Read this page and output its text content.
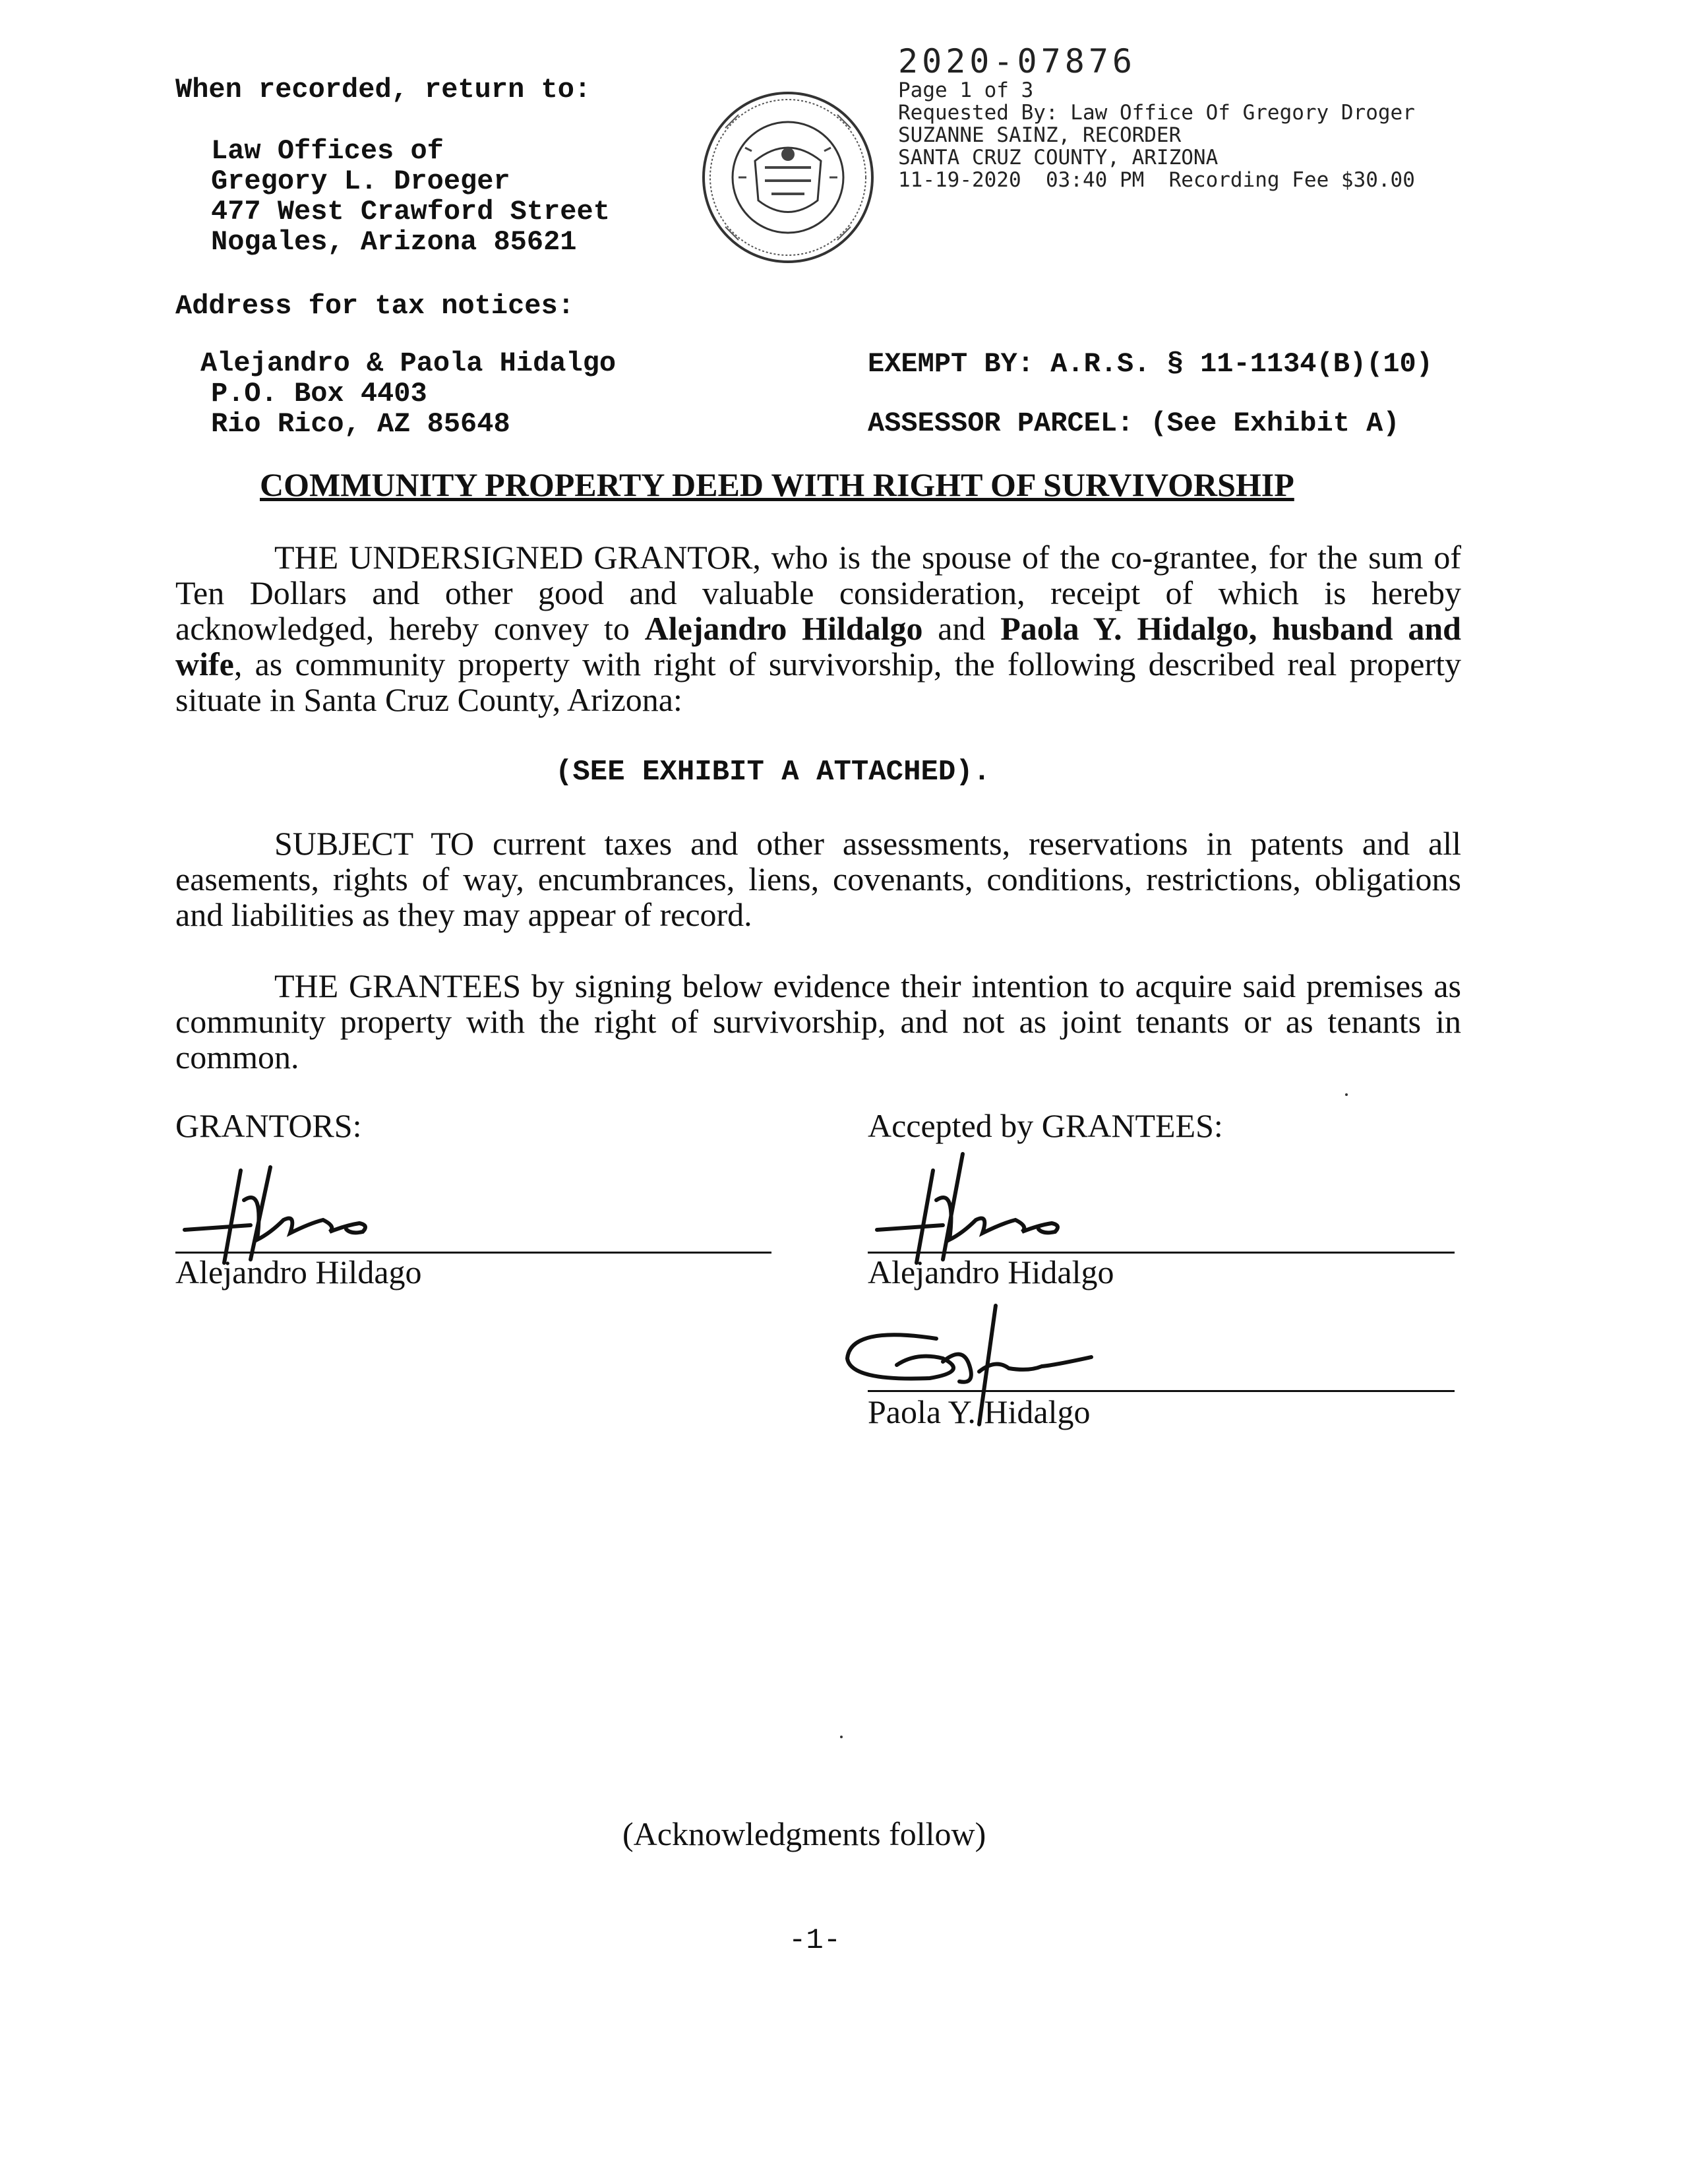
When recorded, return to:
Law Offices of
Gregory L. Droeger
477 West Crawford Street
Nogales, Arizona 85621
2020-07876
Page 1 of 3
Requested By: Law Office Of Gregory Droger
SUZANNE SAINZ, RECORDER
SANTA CRUZ COUNTY, ARIZONA
11-19-2020 03:40 PM Recording Fee $30.00
Address for tax notices:
Alejandro & Paola Hidalgo
P.O. Box 4403
Rio Rico, AZ 85648
EXEMPT BY: A.R.S. § 11-1134(B)(10)
ASSESSOR PARCEL: (See Exhibit A)
COMMUNITY PROPERTY DEED WITH RIGHT OF SURVIVORSHIP

THE UNDERSIGNED GRANTOR, who is the spouse of the co-grantee, for the sum of Ten Dollars and other good and valuable consideration, receipt of which is hereby acknowledged, hereby convey to Alejandro Hildalgo and Paola Y. Hidalgo, husband and wife, as community property with right of survivorship, the following described real property situate in Santa Cruz County, Arizona:

(SEE EXHIBIT A ATTACHED).

SUBJECT TO current taxes and other assessments, reservations in patents and all easements, rights of way, encumbrances, liens, covenants, conditions, restrictions, obligations and liabilities as they may appear of record.

THE GRANTEES by signing below evidence their intention to acquire said premises as community property with the right of survivorship, and not as joint tenants or as tenants in common.

GRANTORS:	Accepted by GRANTEES:
Alejandro Hildago	Alejandro Hidalgo
Paola Y. Hidalgo
(Acknowledgments follow)
-1-
